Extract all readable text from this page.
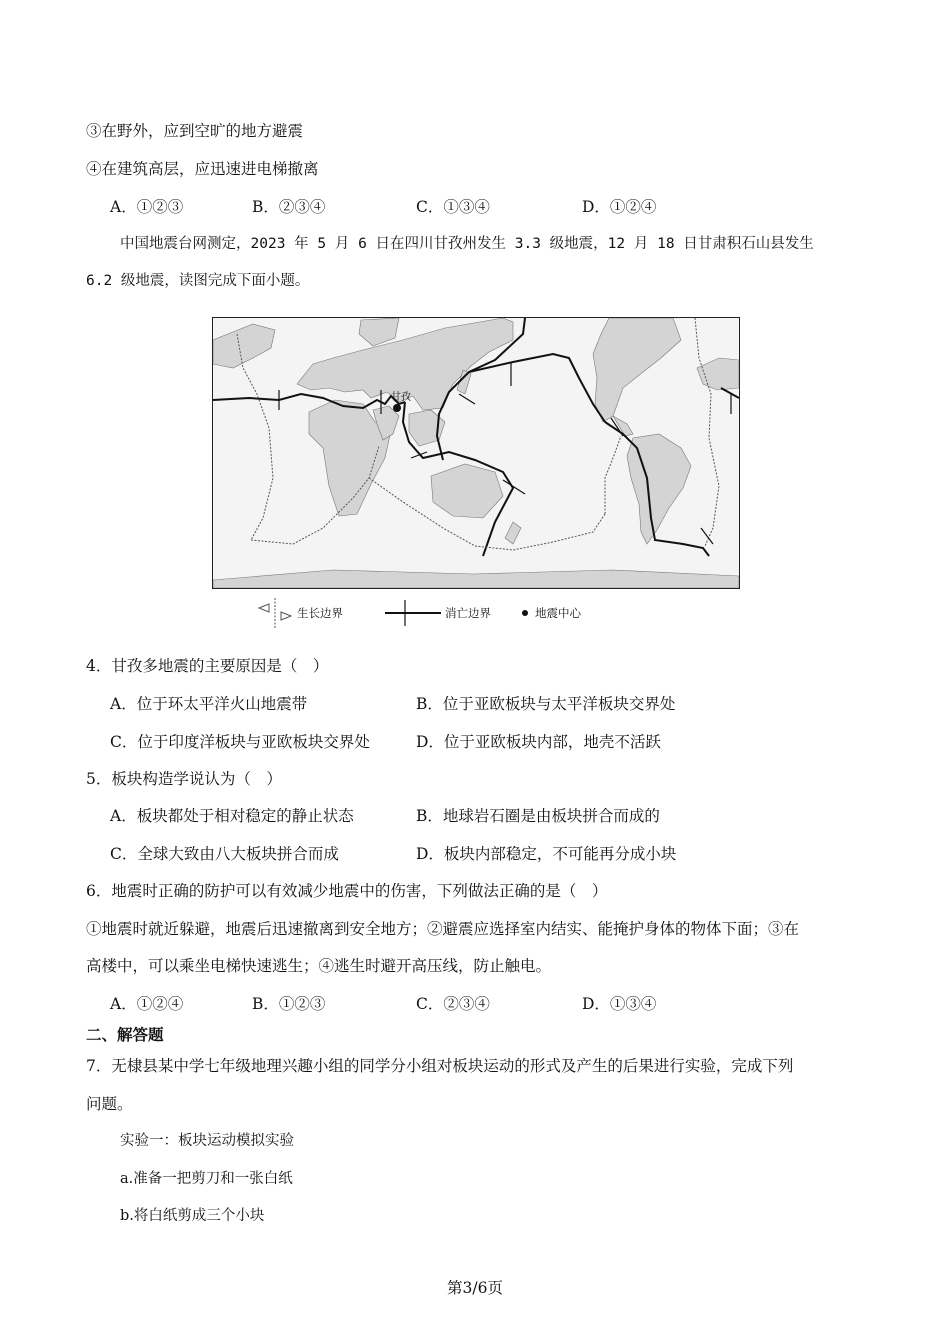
③在野外，应到空旷的地方避震
④在建筑高层，应迅速进电梯撤离
A．①②③	B．②③④	C．①③④	D．①②④
中国地震台网测定，2023 年 5 月 6 日在四川甘孜州发生 3.3 级地震，12 月 18 日甘肃积石山县发生
6.2 级地震，读图完成下面小题。
甘孜
生长边界	消亡边界	地震中心
4．甘孜多地震的主要原因是（　）
A．位于环太平洋火山地震带	B．位于亚欧板块与太平洋板块交界处
C．位于印度洋板块与亚欧板块交界处	D．位于亚欧板块内部，地壳不活跃
5．板块构造学说认为（　）
A．板块都处于相对稳定的静止状态	B．地球岩石圈是由板块拼合而成的
C．全球大致由八大板块拼合而成	D．板块内部稳定，不可能再分成小块
6．地震时正确的防护可以有效减少地震中的伤害，下列做法正确的是（　）
①地震时就近躲避，地震后迅速撤离到安全地方；②避震应选择室内结实、能掩护身体的物体下面；③在
高楼中，可以乘坐电梯快速逃生；④逃生时避开高压线，防止触电。
A．①②④	B．①②③	C．②③④	D．①③④
二、解答题
7．无棣县某中学七年级地理兴趣小组的同学分小组对板块运动的形式及产生的后果进行实验，完成下列
问题。
实验一：板块运动模拟实验
a.准备一把剪刀和一张白纸
b.将白纸剪成三个小块
第3/6页
